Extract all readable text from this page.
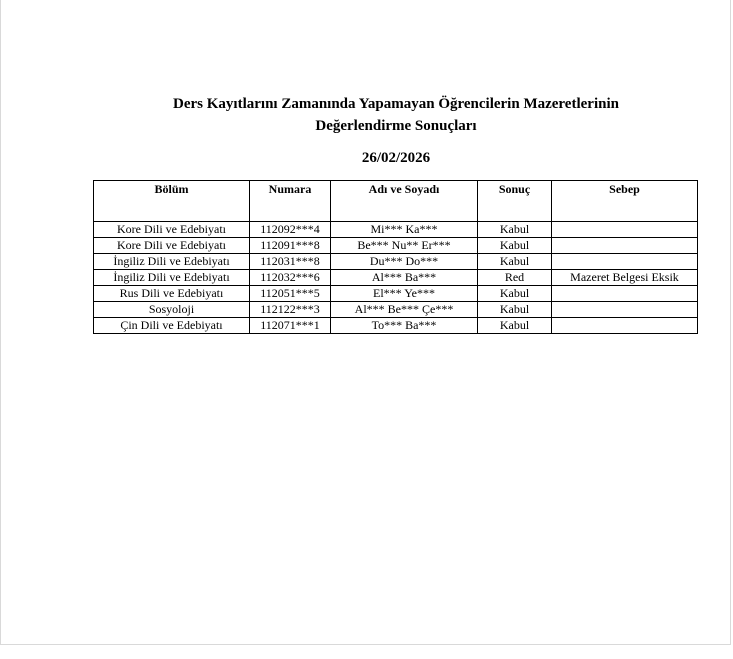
Ders Kayıtlarını Zamanında Yapamayan Öğrencilerin Mazeretlerinin
Değerlendirme Sonuçları
26/02/2026
Bölüm	Numara	Adı ve Soyadı	Sonuç	Sebep
Kore Dili ve Edebiyatı	112092***4	Mi*** Ka***	Kabul	
Kore Dili ve Edebiyatı	112091***8	Be*** Nu** Er***	Kabul	
İngiliz Dili ve Edebiyatı	112031***8	Du*** Do***	Kabul	
İngiliz Dili ve Edebiyatı	112032***6	Al*** Ba***	Red	Mazeret Belgesi Eksik
Rus Dili ve Edebiyatı	112051***5	El*** Ye***	Kabul	
Sosyoloji	112122***3	Al*** Be*** Çe***	Kabul	
Çin Dili ve Edebiyatı	112071***1	To*** Ba***	Kabul	
